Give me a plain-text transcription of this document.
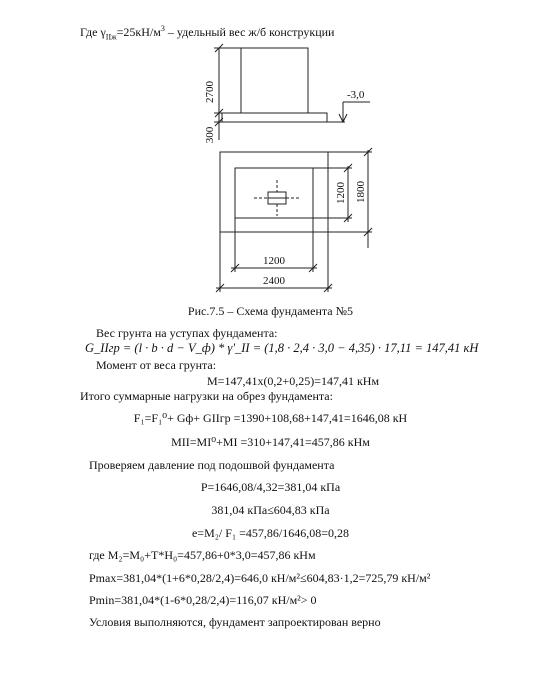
Где $\gamma_{IIж}=25кН/м^3$ – удельный вес ж/б конструкции
2700
300
-3,0
1200 1800
1200
2400
Рис.7.5 – Схема фундамента №5
Вес грунта на уступах фундамента:
G_IIгр = (l · b · d − V_ф) * γ'_II = (1,8 · 2,4 · 3,0 − 4,35) · 17,11 = 147,41 кН
Момент от веса грунта:
M=147,41х(0,2+0,25)=147,41 кНм
Итого суммарные нагрузки на обрез фундамента:
F₁=F₁⁰+ Gф+ GIIгр =1390+108,68+147,41=1646,08 кН
MII=MI⁰+MI =310+147,41=457,86 кНм
Проверяем давление под подошвой фундамента
P=1646,08/4,32=381,04 кПа
381,04 кПа≤604,83 кПа
e=M₂/ F₁ =457,86/1646,08=0,28
где M₂=M₀+T*H₀=457,86+0*3,0=457,86 кНм
Pmax=381,04*(1+6*0,28/2,4)=646,0 кН/м²≤604,83·1,2=725,79 кН/м²
Pmin=381,04*(1-6*0,28/2,4)=116,07 кН/м²> 0
Условия выполняются, фундамент запроектирован верно
